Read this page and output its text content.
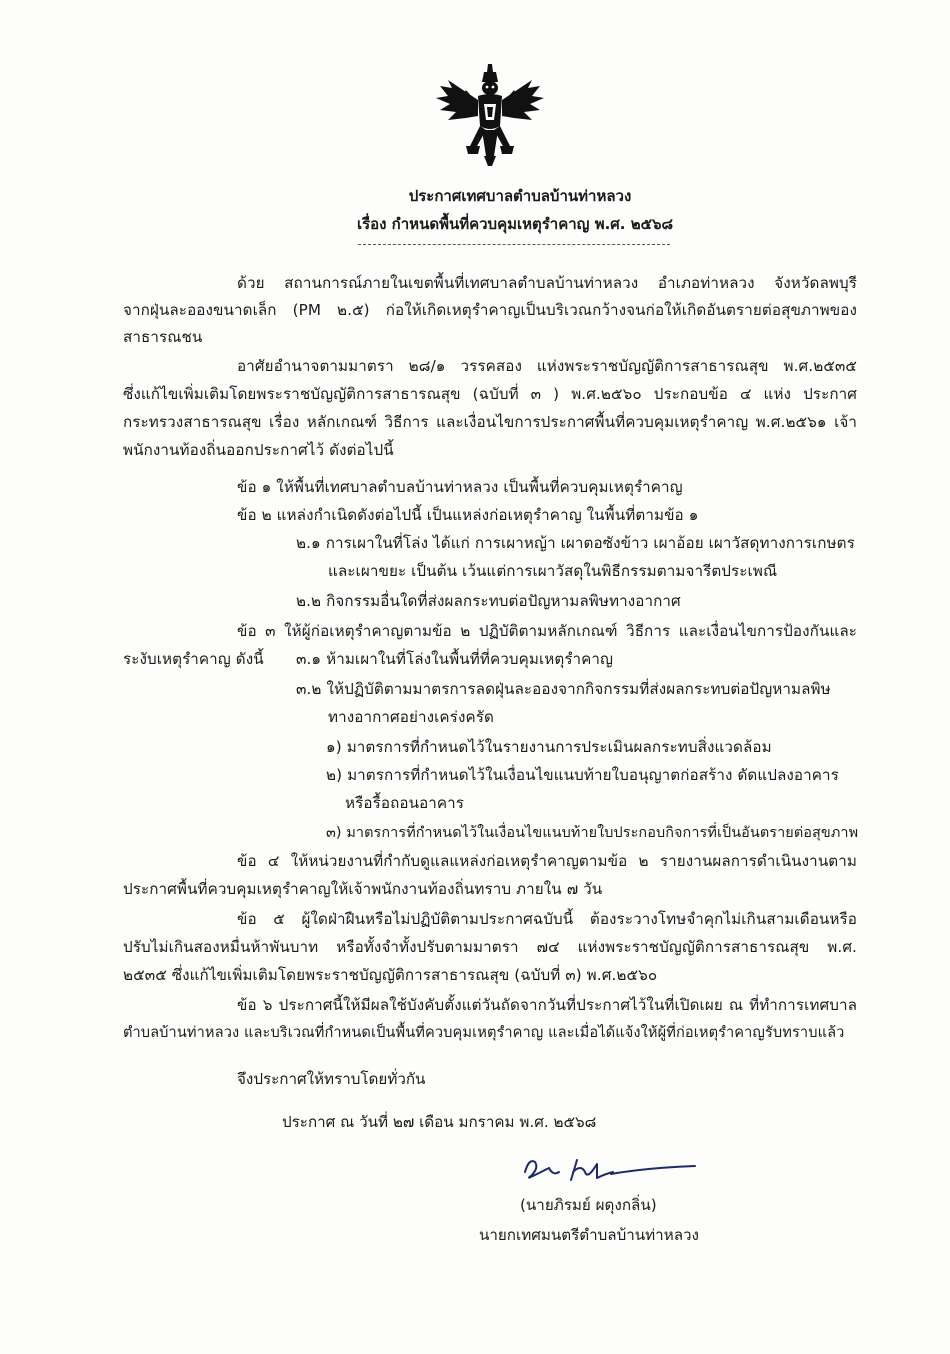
ประกาศเทศบาลตำบลบ้านท่าหลวง
เรื่อง กำหนดพื้นที่ควบคุมเหตุรำคาญ พ.ศ. ๒๕๖๘
ด้วย สถานการณ์ภายในเขตพื้นที่เทศบาลตำบลบ้านท่าหลวง อำเภอท่าหลวง จังหวัดลพบุรี
จากฝุ่นละอองขนาดเล็ก (PM ๒.๕) ก่อให้เกิดเหตุรำคาญเป็นบริเวณกว้างจนก่อให้เกิดอันตรายต่อสุขภาพของ
สาธารณชน
อาศัยอำนาจตามมาตรา ๒๘/๑ วรรคสอง แห่งพระราชบัญญัติการสาธารณสุข พ.ศ.๒๕๓๕
ซึ่งแก้ไขเพิ่มเติมโดยพระราชบัญญัติการสาธารณสุข (ฉบับที่ ๓ ) พ.ศ.๒๕๖๐ ประกอบข้อ ๔ แห่ง ประกาศ
กระทรวงสาธารณสุข เรื่อง หลักเกณฑ์ วิธีการ และเงื่อนไขการประกาศพื้นที่ควบคุมเหตุรำคาญ พ.ศ.๒๕๖๑ เจ้า
พนักงานท้องถิ่นออกประกาศไว้ ดังต่อไปนี้
ข้อ ๑ ให้พื้นที่เทศบาลตำบลบ้านท่าหลวง เป็นพื้นที่ควบคุมเหตุรำคาญ
ข้อ ๒ แหล่งกำเนิดดังต่อไปนี้ เป็นแหล่งก่อเหตุรำคาญ ในพื้นที่ตามข้อ ๑
๒.๑ การเผาในที่โล่ง ได้แก่ การเผาหญ้า เผาตอซังข้าว เผาอ้อย เผาวัสดุทางการเกษตร
และเผาขยะ เป็นต้น เว้นแต่การเผาวัสดุในพิธีกรรมตามจารีตประเพณี
๒.๒ กิจกรรมอื่นใดที่ส่งผลกระทบต่อปัญหามลพิษทางอากาศ
ข้อ ๓ ให้ผู้ก่อเหตุรำคาญตามข้อ ๒ ปฏิบัติตามหลักเกณฑ์ วิธีการ และเงื่อนไขการป้องกันและ
ระงับเหตุรำคาญ ดังนี้ ๓.๑ ห้ามเผาในที่โล่งในพื้นที่ที่ควบคุมเหตุรำคาญ
๓.๒ ให้ปฏิบัติตามมาตรการลดฝุ่นละอองจากกิจกรรมที่ส่งผลกระทบต่อปัญหามลพิษ
ทางอากาศอย่างเคร่งครัด
๑) มาตรการที่กำหนดไว้ในรายงานการประเมินผลกระทบสิ่งแวดล้อม
๒) มาตรการที่กำหนดไว้ในเงื่อนไขแนบท้ายใบอนุญาตก่อสร้าง ดัดแปลงอาคาร
หรือรื้อถอนอาคาร
๓) มาตรการที่กำหนดไว้ในเงื่อนไขแนบท้ายใบประกอบกิจการที่เป็นอันตรายต่อสุขภาพ
ข้อ ๔ ให้หน่วยงานที่กำกับดูแลแหล่งก่อเหตุรำคาญตามข้อ ๒ รายงานผลการดำเนินงานตาม
ประกาศพื้นที่ควบคุมเหตุรำคาญให้เจ้าพนักงานท้องถิ่นทราบ ภายใน ๗ วัน
ข้อ ๕ ผู้ใดฝ่าฝืนหรือไม่ปฏิบัติตามประกาศฉบับนี้ ต้องระวางโทษจำคุกไม่เกินสามเดือนหรือ
ปรับไม่เกินสองหมื่นห้าพันบาท หรือทั้งจำทั้งปรับตามมาตรา ๗๔ แห่งพระราชบัญญัติการสาธารณสุข พ.ศ.
๒๕๓๕ ซึ่งแก้ไขเพิ่มเติมโดยพระราชบัญญัติการสาธารณสุข (ฉบับที่ ๓) พ.ศ.๒๕๖๐
ข้อ ๖ ประกาศนี้ให้มีผลใช้บังคับตั้งแต่วันถัดจากวันที่ประกาศไว้ในที่เปิดเผย ณ ที่ทำการเทศบาล
ตำบลบ้านท่าหลวง และบริเวณที่กำหนดเป็นพื้นที่ควบคุมเหตุรำคาญ และเมื่อได้แจ้งให้ผู้ที่ก่อเหตุรำคาญรับทราบแล้ว
จึงประกาศให้ทราบโดยทั่วกัน
ประกาศ ณ วันที่ ๒๗ เดือน มกราคม พ.ศ. ๒๕๖๘
(นายภิรมย์ ผดุงกลิ่น)
นายกเทศมนตรีตำบลบ้านท่าหลวง
